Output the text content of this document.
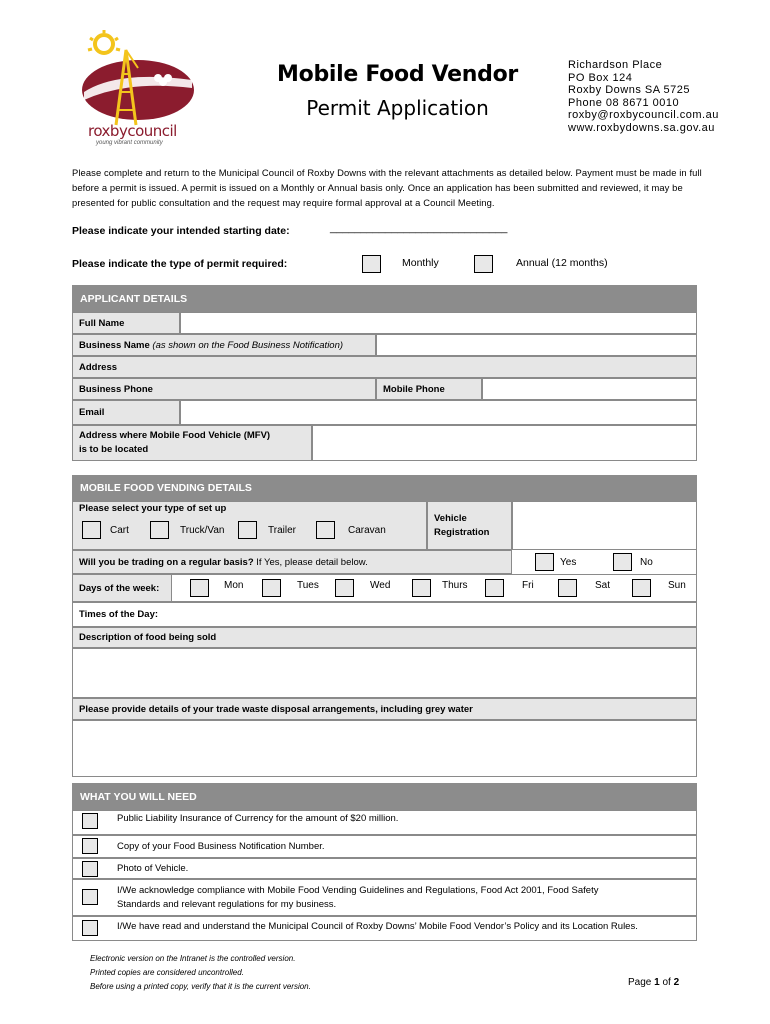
roxbycouncil
young vibrant community
Mobile Food Vendor
Permit Application
Richardson Place
PO Box 124
Roxby Downs SA 5725
Phone 08 8671 0010
roxby@roxbycouncil.com.au
www.roxbydowns.sa.gov.au
Please complete and return to the Municipal Council of Roxby Downs with the relevant attachments as detailed below. Payment must be made in full before a permit is issued. A permit is issued on a Monthly or Annual basis only. Once an application has been submitted and reviewed, it may be presented for public consultation and the request may require formal approval at a Council Meeting.
Please indicate your intended starting date:	_____________________________
Please indicate the type of permit required:	Monthly	Annual (12 months)
APPLICANT DETAILS
Full Name
Business Name
(as shown on the Food Business Notification)
Address
Business Phone	Mobile Phone
Email
Address where Mobile Food Vehicle (MFV)
is to be located
MOBILE FOOD VENDING DETAILS
Please select your type of set up
Cart	Truck/Van	Trailer	Caravan
Vehicle
Registration
Will you be trading on a regular basis? If Yes, please detail below.	Yes	No
Days of the week:	Mon	Tues	Wed	Thurs	Fri	Sat	Sun
Times of the Day:
Description of food being sold
Please provide details of your trade waste disposal arrangements, including grey water
WHAT YOU WILL NEED
Public Liability Insurance of Currency for the amount of $20 million.
Copy of your Food Business Notification Number.
Photo of Vehicle.
I/We acknowledge compliance with Mobile Food Vending Guidelines and Regulations, Food Act 2001, Food Safety
Standards and relevant regulations for my business.
I/We have read and understand the Municipal Council of Roxby Downs’ Mobile Food Vendor’s Policy and its Location Rules.
Electronic version on the Intranet is the controlled version.
Printed copies are considered uncontrolled.
Before using a printed copy, verify that it is the current version.	Page 1 of 2
